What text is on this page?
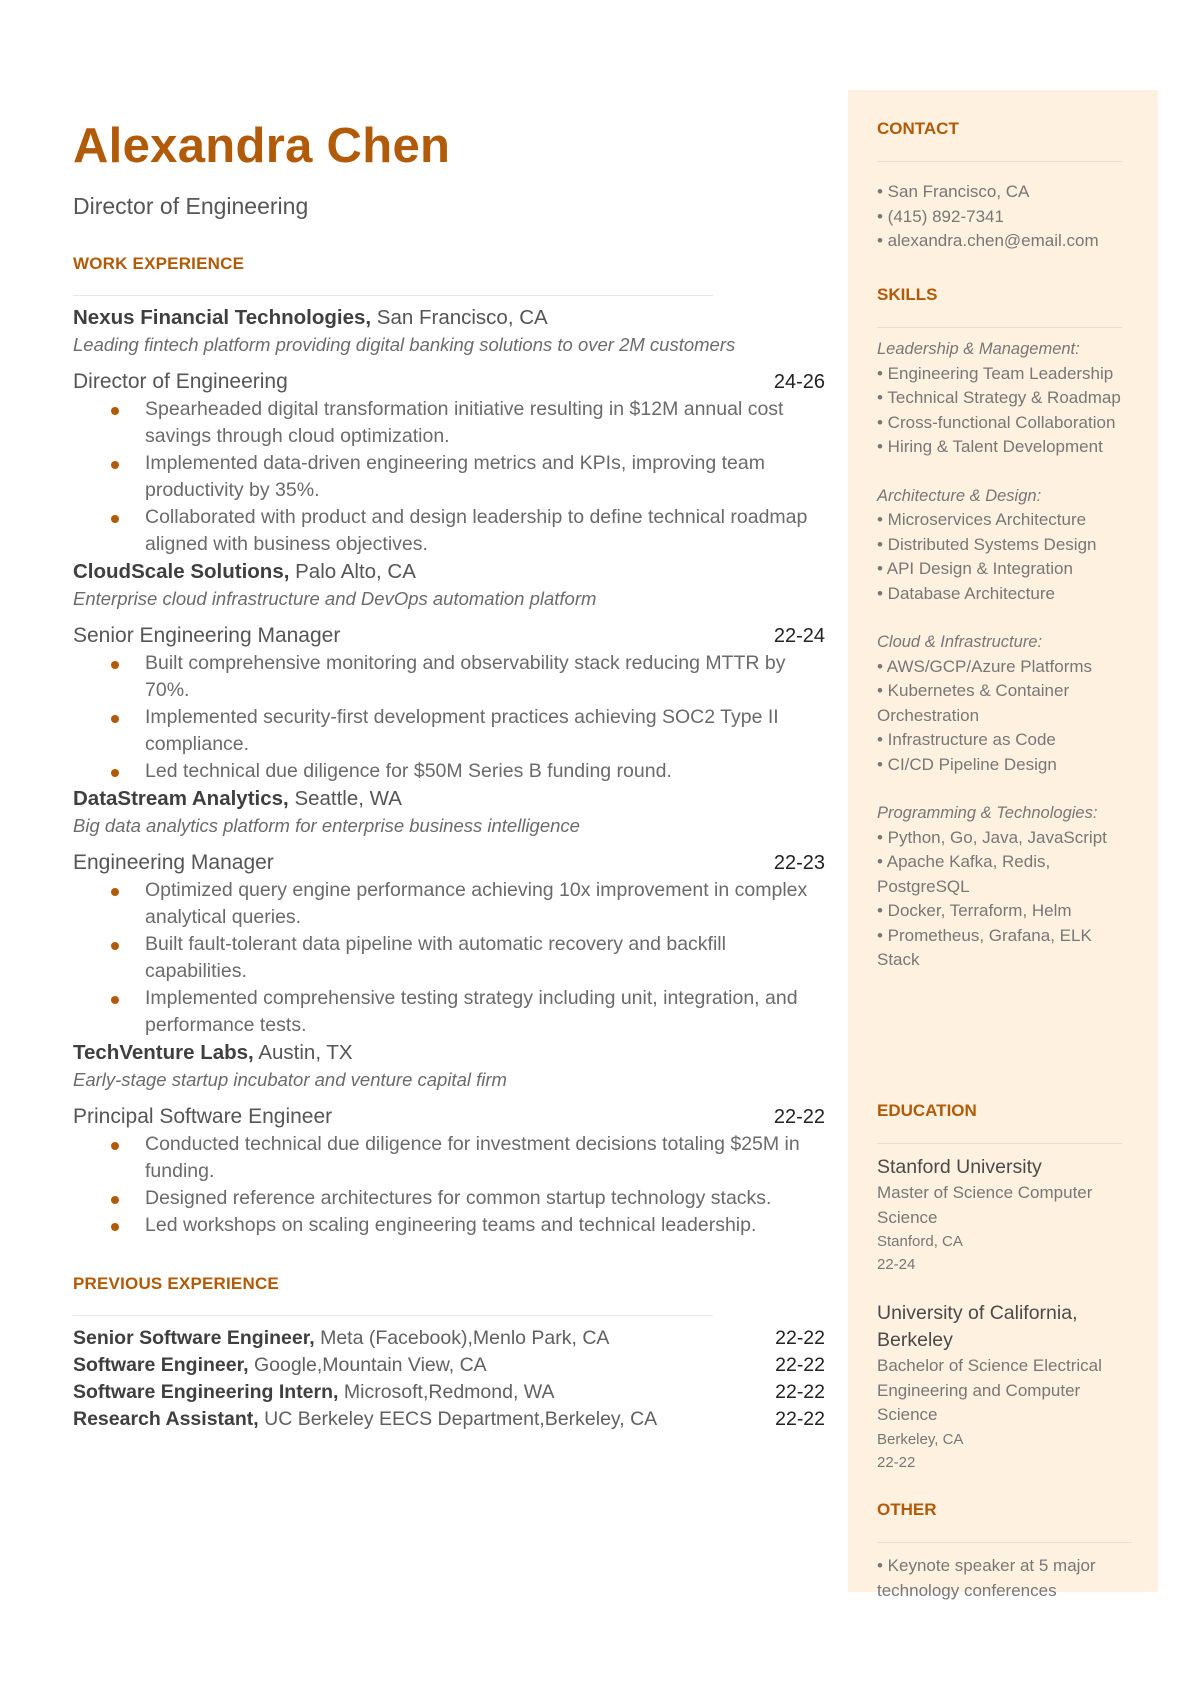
Alexandra Chen
Director of Engineering
WORK EXPERIENCE
Nexus Financial Technologies, San Francisco, CA
Leading fintech platform providing digital banking solutions to over 2M customers
Director of Engineering	24-26
Spearheaded digital transformation initiative resulting in $12M annual cost savings through cloud optimization.
Implemented data-driven engineering metrics and KPIs, improving team productivity by 35%.
Collaborated with product and design leadership to define technical roadmap aligned with business objectives.
CloudScale Solutions, Palo Alto, CA
Enterprise cloud infrastructure and DevOps automation platform
Senior Engineering Manager	22-24
Built comprehensive monitoring and observability stack reducing MTTR by 70%.
Implemented security-first development practices achieving SOC2 Type II compliance.
Led technical due diligence for $50M Series B funding round.
DataStream Analytics, Seattle, WA
Big data analytics platform for enterprise business intelligence
Engineering Manager	22-23
Optimized query engine performance achieving 10x improvement in complex analytical queries.
Built fault-tolerant data pipeline with automatic recovery and backfill capabilities.
Implemented comprehensive testing strategy including unit, integration, and performance tests.
TechVenture Labs, Austin, TX
Early-stage startup incubator and venture capital firm
Principal Software Engineer	22-22
Conducted technical due diligence for investment decisions totaling $25M in funding.
Designed reference architectures for common startup technology stacks.
Led workshops on scaling engineering teams and technical leadership.
PREVIOUS EXPERIENCE
Senior Software Engineer, Meta (Facebook),Menlo Park, CA	22-22
Software Engineer, Google,Mountain View, CA	22-22
Software Engineering Intern, Microsoft,Redmond, WA	22-22
Research Assistant, UC Berkeley EECS Department,Berkeley, CA	22-22
CONTACT
• San Francisco, CA
• (415) 892-7341
• alexandra.chen@email.com
SKILLS
Leadership & Management:
• Engineering Team Leadership
• Technical Strategy & Roadmap
• Cross-functional Collaboration
• Hiring & Talent Development
Architecture & Design:
• Microservices Architecture
• Distributed Systems Design
• API Design & Integration
• Database Architecture
Cloud & Infrastructure:
• AWS/GCP/Azure Platforms
• Kubernetes & Container Orchestration
• Infrastructure as Code
• CI/CD Pipeline Design
Programming & Technologies:
• Python, Go, Java, JavaScript
• Apache Kafka, Redis, PostgreSQL
• Docker, Terraform, Helm
• Prometheus, Grafana, ELK Stack
EDUCATION
Stanford University
Master of Science Computer Science
Stanford, CA
22-24
University of California, Berkeley
Bachelor of Science Electrical Engineering and Computer Science
Berkeley, CA
22-22
OTHER
• Keynote speaker at 5 major technology conferences
